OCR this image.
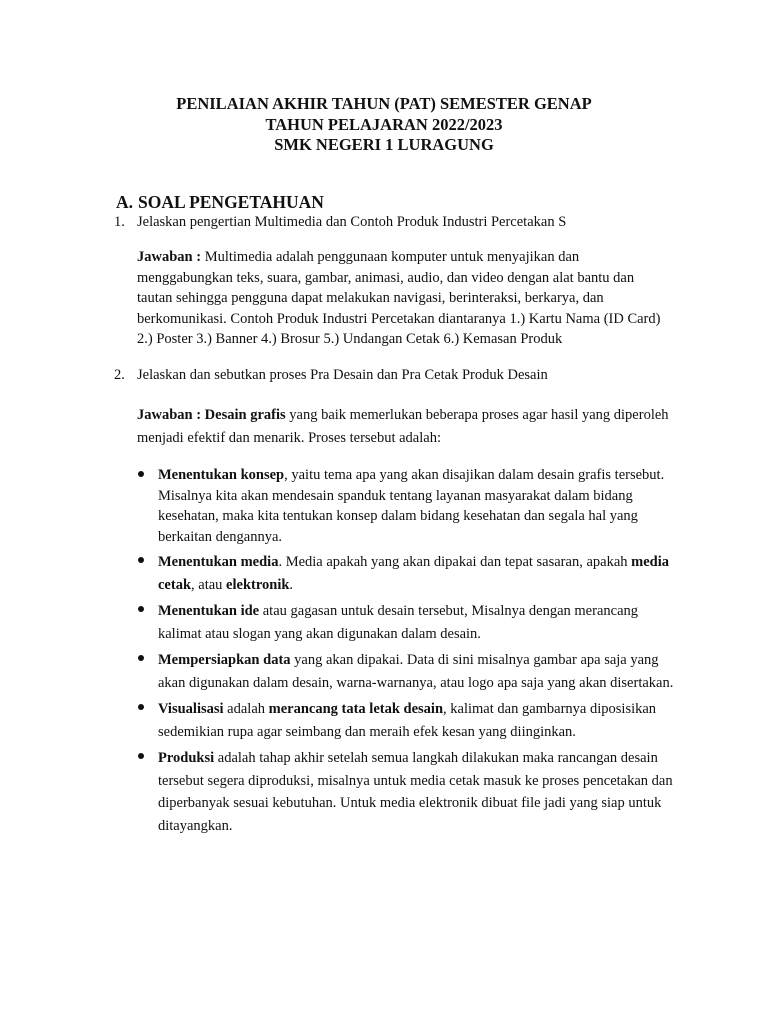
PENILAIAN AKHIR TAHUN (PAT) SEMESTER GENAP
TAHUN PELAJARAN 2022/2023
SMK NEGERI 1 LURAGUNG
A. SOAL PENGETAHUAN
1. Jelaskan pengertian Multimedia dan Contoh Produk Industri Percetakan S
Jawaban : Multimedia adalah penggunaan komputer untuk menyajikan dan menggabungkan teks, suara, gambar, animasi, audio, dan video dengan alat bantu dan tautan sehingga pengguna dapat melakukan navigasi, berinteraksi, berkarya, dan berkomunikasi. Contoh Produk Industri Percetakan diantaranya 1.) Kartu Nama (ID Card) 2.) Poster 3.) Banner 4.) Brosur 5.) Undangan Cetak 6.) Kemasan Produk
2. Jelaskan dan sebutkan proses Pra Desain dan Pra Cetak Produk Desain
Jawaban : Desain grafis yang baik memerlukan beberapa proses agar hasil yang diperoleh menjadi efektif dan menarik. Proses tersebut adalah:
Menentukan konsep, yaitu tema apa yang akan disajikan dalam desain grafis tersebut. Misalnya kita akan mendesain spanduk tentang layanan masyarakat dalam bidang kesehatan, maka kita tentukan konsep dalam bidang kesehatan dan segala hal yang berkaitan dengannya.
Menentukan media. Media apakah yang akan dipakai dan tepat sasaran, apakah media cetak, atau elektronik.
Menentukan ide atau gagasan untuk desain tersebut, Misalnya dengan merancang kalimat atau slogan yang akan digunakan dalam desain.
Mempersiapkan data yang akan dipakai. Data di sini misalnya gambar apa saja yang akan digunakan dalam desain, warna-warnanya, atau logo apa saja yang akan disertakan.
Visualisasi adalah merancang tata letak desain, kalimat dan gambarnya diposisikan sedemikian rupa agar seimbang dan meraih efek kesan yang diinginkan.
Produksi adalah tahap akhir setelah semua langkah dilakukan maka rancangan desain tersebut segera diproduksi, misalnya untuk media cetak masuk ke proses pencetakan dan diperbanyak sesuai kebutuhan. Untuk media elektronik dibuat file jadi yang siap untuk ditayangkan.
